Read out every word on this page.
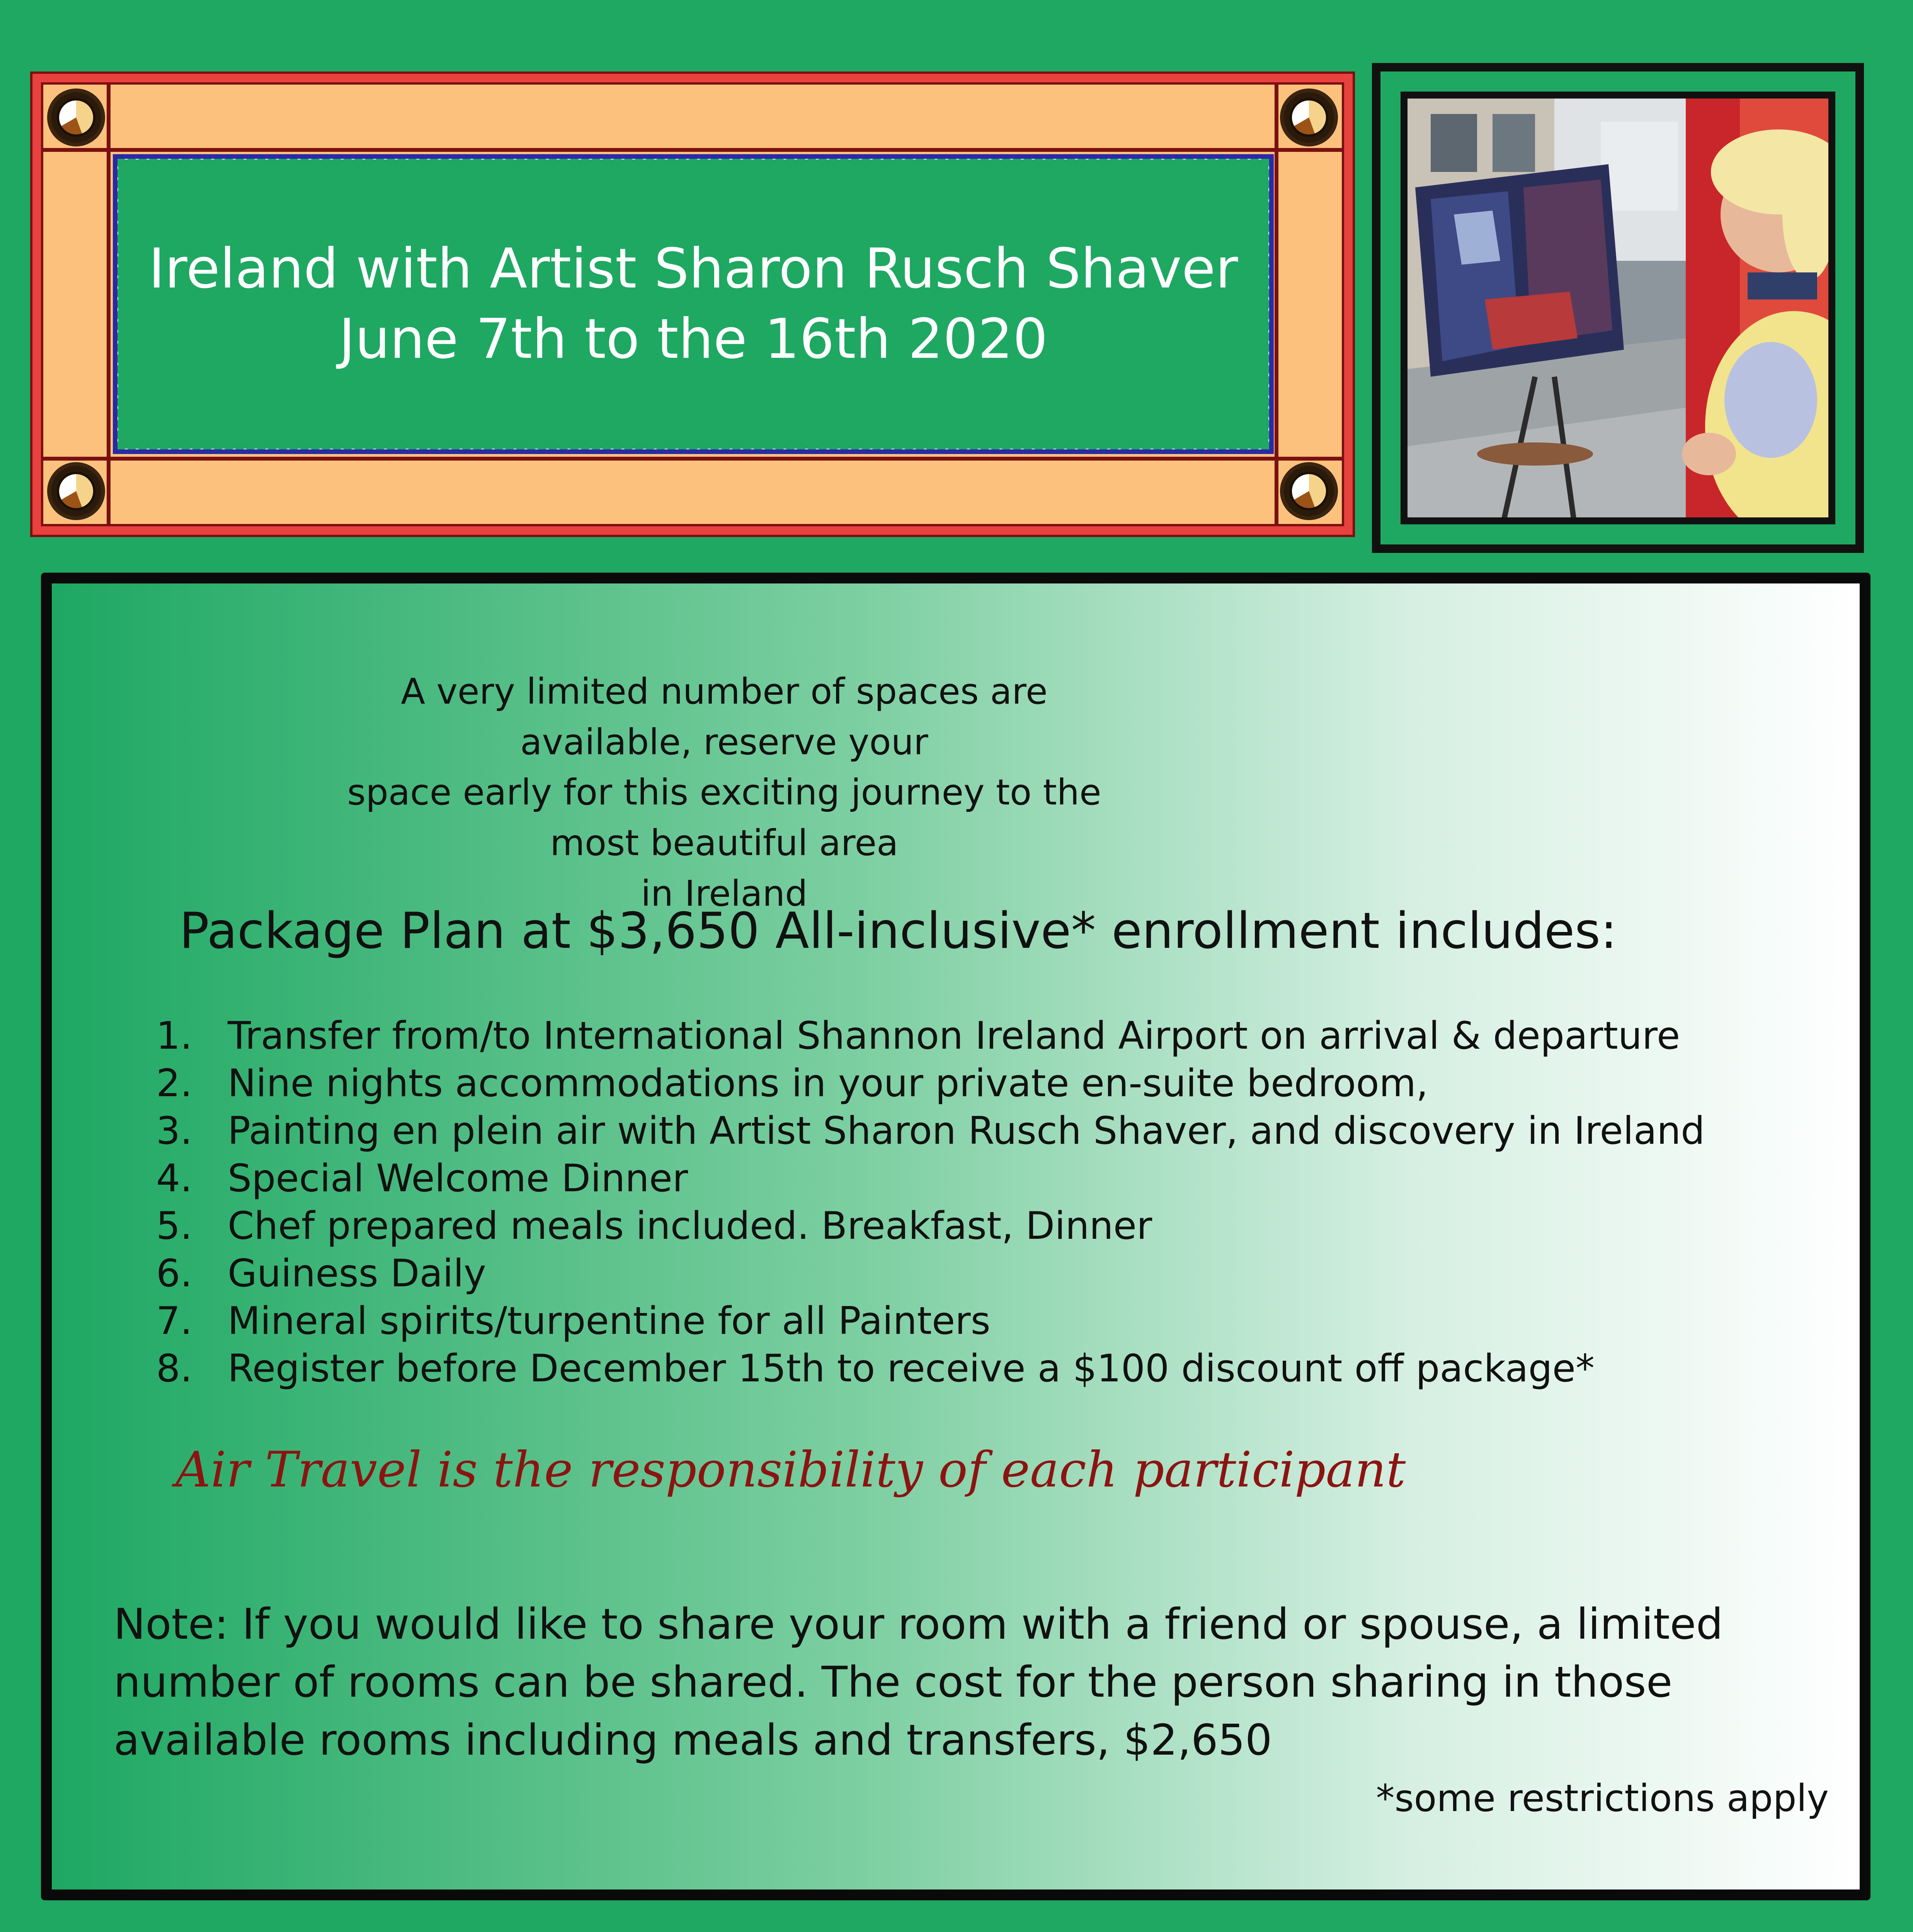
Ireland with Artist Sharon Rusch Shaver
June 7th to the 16th 2020
A very limited number of spaces are available, reserve your
space early for this exciting journey to the most beautiful area
in Ireland
Package Plan at $3,650 All-inclusive* enrollment includes:
1. Transfer from/to International Shannon Ireland Airport on arrival & departure
2. Nine nights accommodations in your private en-suite bedroom,
3. Painting en plein air with Artist Sharon Rusch Shaver, and discovery in Ireland
4. Special Welcome Dinner
5. Chef prepared meals included. Breakfast, Dinner
6. Guiness Daily
7. Mineral spirits/turpentine for all Painters
8. Register before December 15th to receive a $100 discount off package*
Air Travel is the responsibility of each participant
Note: If you would like to share your room with a friend or spouse, a limited
number of rooms can be shared. The cost for the person sharing in those
available rooms including meals and transfers, $2,650
*some restrictions apply
